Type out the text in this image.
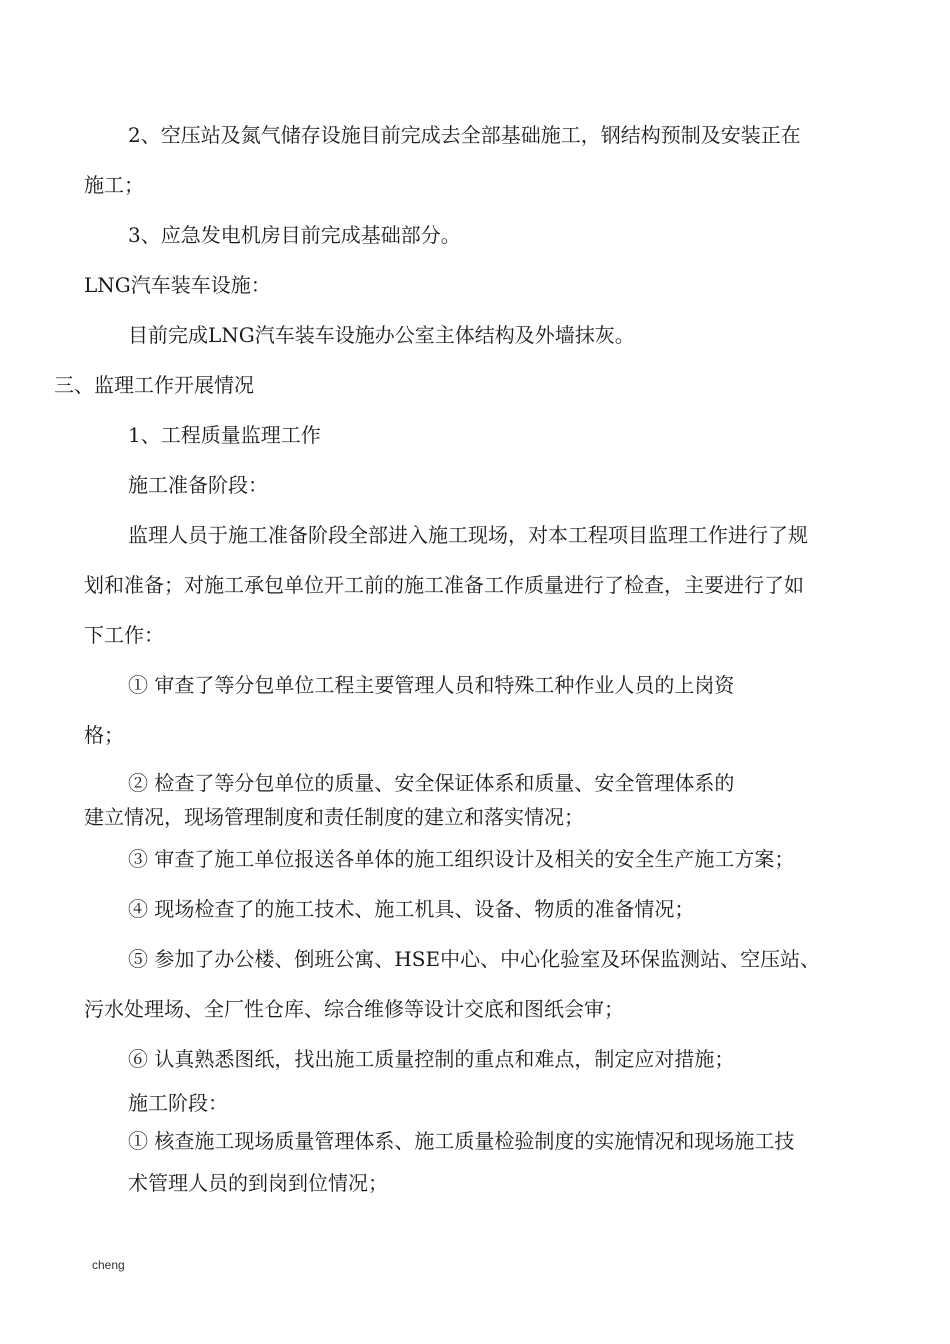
2、空压站及氮气储存设施目前完成去全部基础施工，钢结构预制及安装正在
施工；
3、应急发电机房目前完成基础部分。
LNG汽车装车设施：
目前完成LNG汽车装车设施办公室主体结构及外墙抹灰。
三、监理工作开展情况
1、工程质量监理工作
施工准备阶段：
监理人员于施工准备阶段全部进入施工现场，对本工程项目监理工作进行了规
划和准备；对施工承包单位开工前的施工准备工作质量进行了检查，主要进行了如
下工作：
① 审查了等分包单位工程主要管理人员和特殊工种作业人员的上岗资
格；
② 检查了等分包单位的质量、安全保证体系和质量、安全管理体系的
建立情况，现场管理制度和责任制度的建立和落实情况；
③ 审查了施工单位报送各单体的施工组织设计及相关的安全生产施工方案；
④ 现场检查了的施工技术、施工机具、设备、物质的准备情况；
⑤ 参加了办公楼、倒班公寓、HSE中心、中心化验室及环保监测站、空压站、
污水处理场、全厂性仓库、综合维修等设计交底和图纸会审；
⑥ 认真熟悉图纸，找出施工质量控制的重点和难点，制定应对措施；
施工阶段：
① 核查施工现场质量管理体系、施工质量检验制度的实施情况和现场施工技
术管理人员的到岗到位情况；
cheng
